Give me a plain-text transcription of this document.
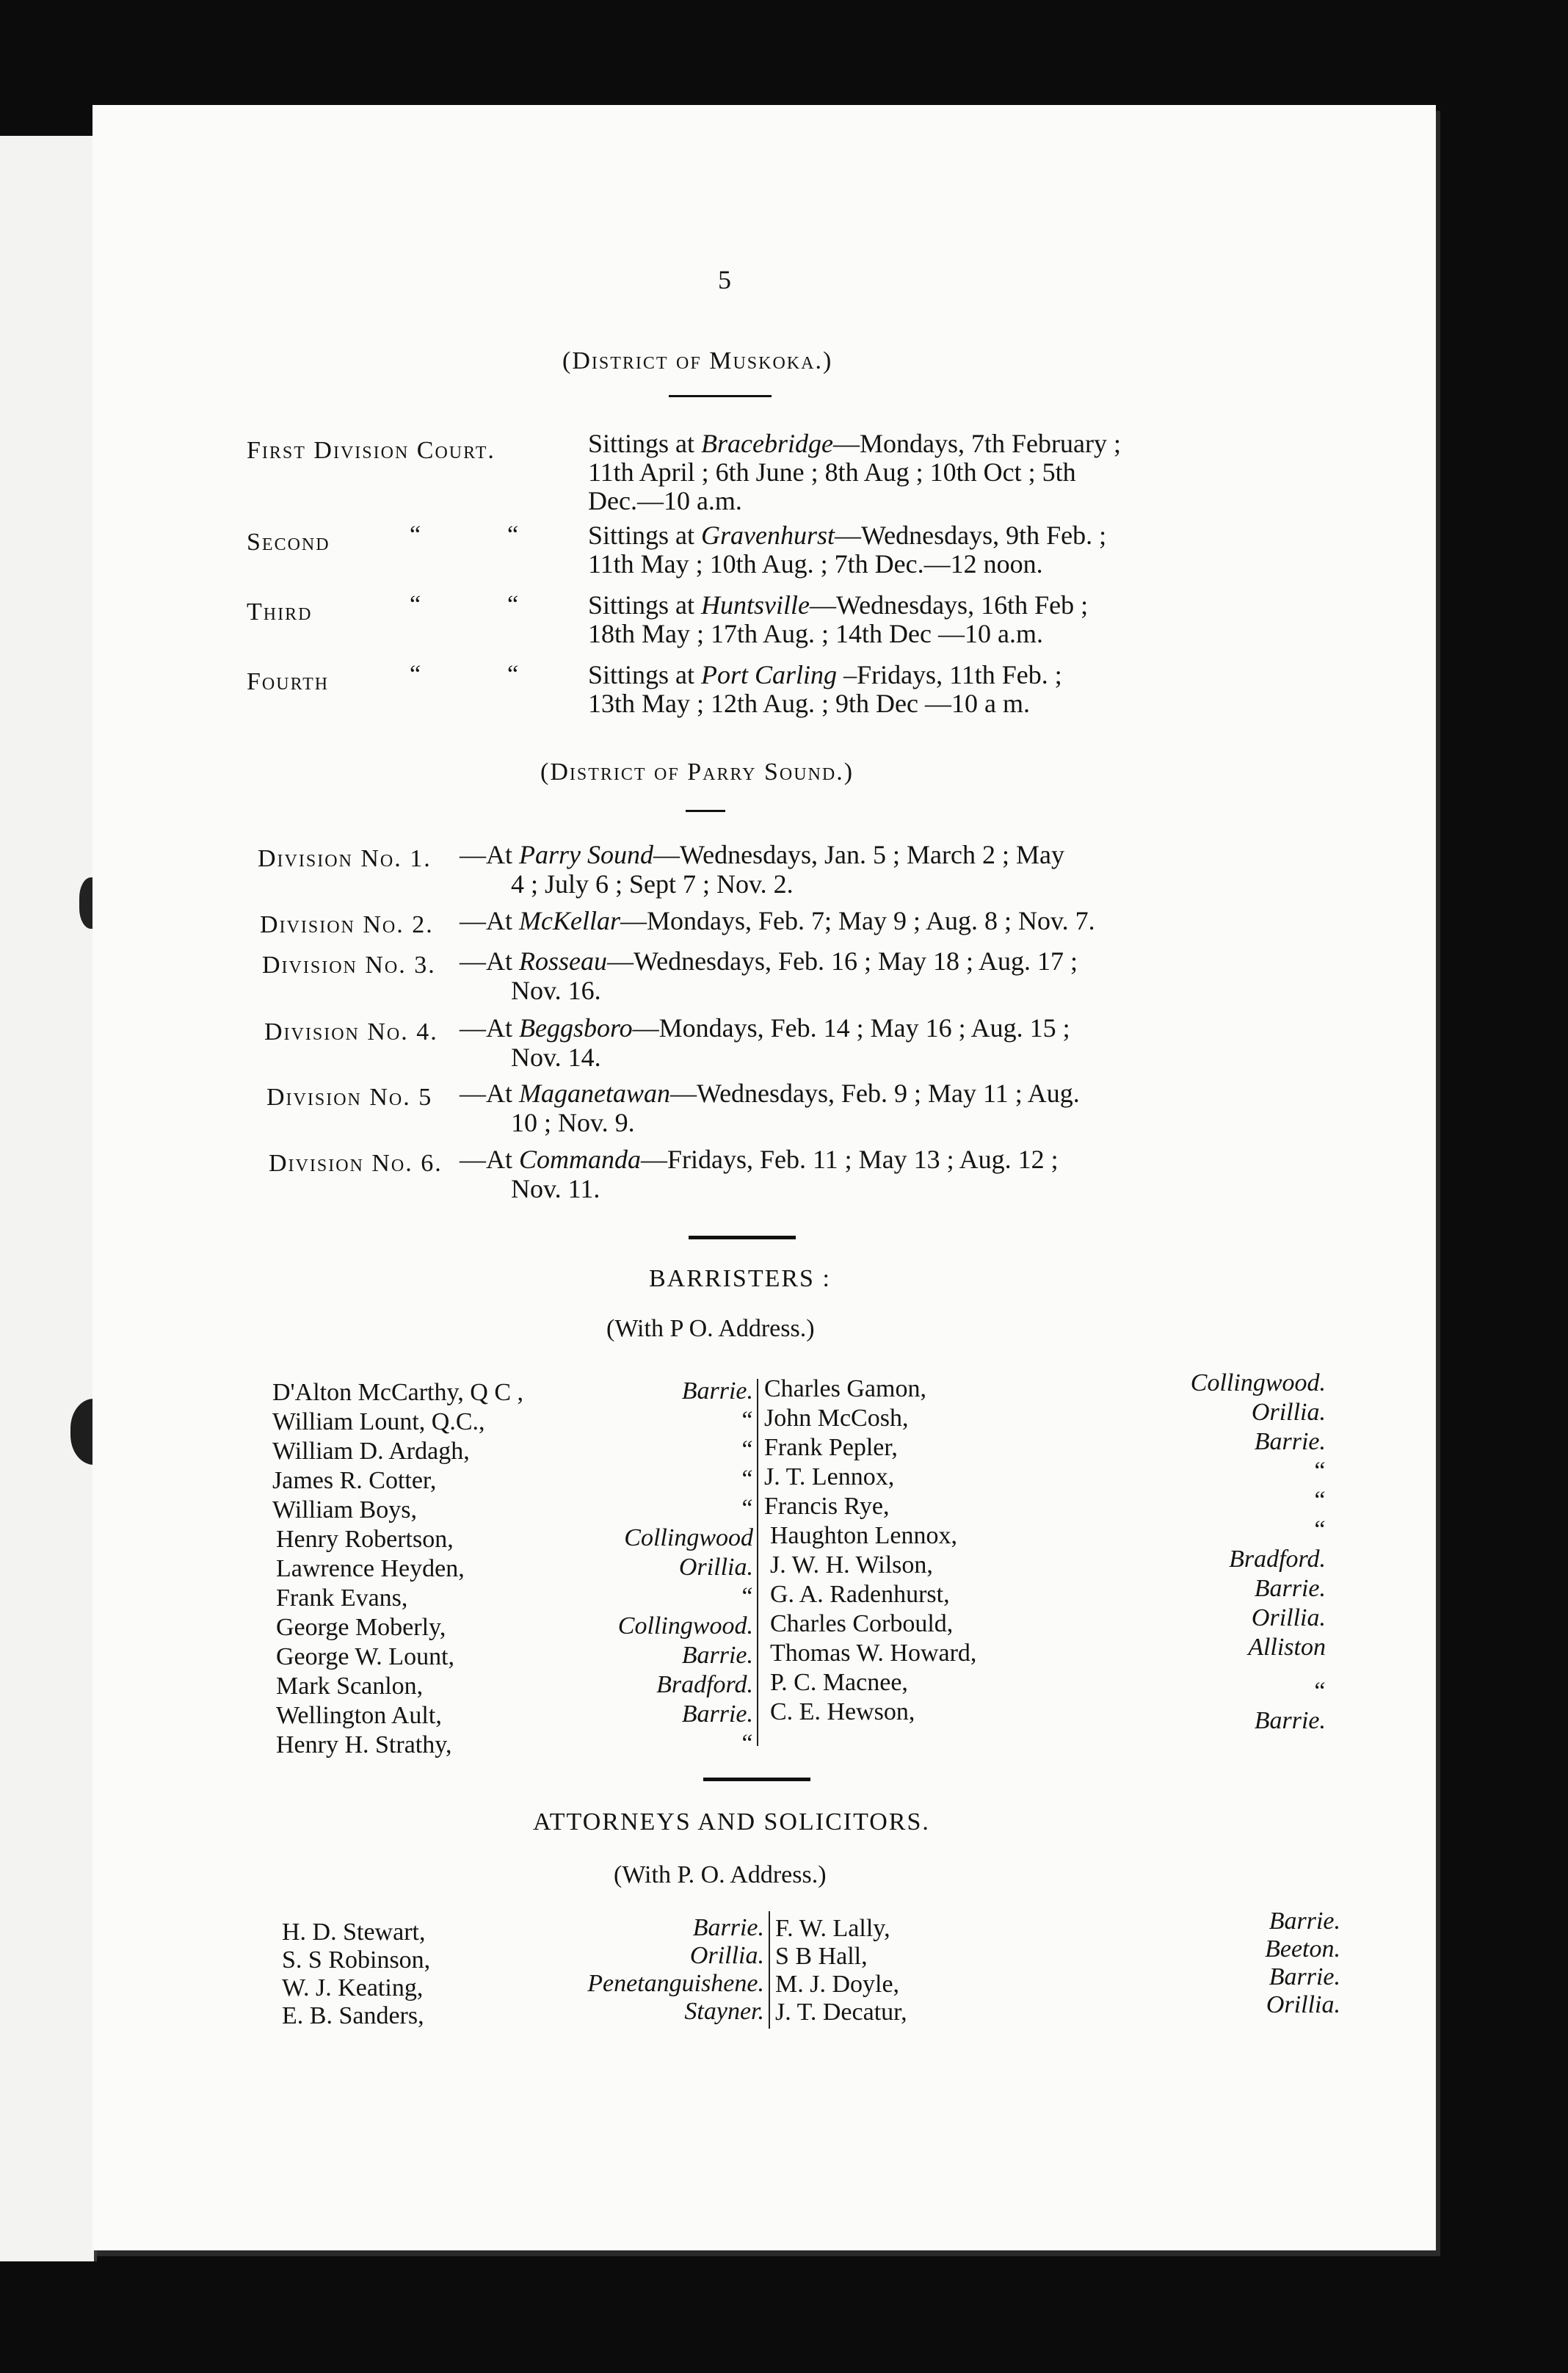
5
(District of Muskoka.)
First Division Court.	Sittings at Bracebridge—Mondays, 7th February ;
11th April ; 6th June ; 8th Aug ; 10th Oct ; 5th
Dec.—10 a.m.
Second	“	“	Sittings at Gravenhurst—Wednesdays, 9th Feb. ;
11th May ; 10th Aug. ; 7th Dec.—12 noon.
Third	“	“	Sittings at Huntsville—Wednesdays, 16th Feb ;
18th May ; 17th Aug. ; 14th Dec —10 a.m.
Fourth	“	“	Sittings at Port Carling –Fridays, 11th Feb. ;
13th May ; 12th Aug. ; 9th Dec —10 a m.
(District of Parry Sound.)
Division No. 1. —At Parry Sound—Wednesdays, Jan. 5 ; March 2 ; May
4 ; July 6 ; Sept 7 ; Nov. 2.
Division No. 2. —At McKellar—Mondays, Feb. 7; May 9 ; Aug. 8 ; Nov. 7.
Division No. 3. —At Rosseau—Wednesdays, Feb. 16 ; May 18 ; Aug. 17 ;
Nov. 16.
Division No. 4. —At Beggsboro—Mondays, Feb. 14 ; May 16 ; Aug. 15 ;
Nov. 14.
Division No. 5 —At Maganetawan—Wednesdays, Feb. 9 ; May 11 ; Aug.
10 ; Nov. 9.
Division No. 6. —At Commanda—Fridays, Feb. 11 ; May 13 ; Aug. 12 ;
Nov. 11.
BARRISTERS :
(With P O. Address.)
D'Alton McCarthy, Q C ,	Barrie.
William Lount, Q.C.,	“
William D. Ardagh,	“
James R. Cotter,	“
William Boys,	“
Henry Robertson,	Collingwood
Lawrence Heyden,	Orillia.
Frank Evans,	“
George Moberly,	Collingwood.
George W. Lount,	Barrie.
Mark Scanlon,	Bradford.
Wellington Ault,	Barrie.
Henry H. Strathy,	“
Charles Gamon,	Collingwood.
John McCosh,	Orillia.
Frank Pepler,	Barrie.
J. T. Lennox,	“
Francis Rye,	“
Haughton Lennox,	“
J. W. H. Wilson,	Bradford.
G. A. Radenhurst,	Barrie.
Charles Corbould,	Orillia.
Thomas W. Howard,	Alliston
P. C. Macnee,	“
C. E. Hewson,	Barrie.
ATTORNEYS AND SOLICITORS.
(With P. O. Address.)
H. D. Stewart,	Barrie.
S. S Robinson,	Orillia.
W. J. Keating,	Penetanguishene.
E. B. Sanders,	Stayner.
F. W. Lally,	Barrie.
S B Hall,	Beeton.
M. J. Doyle,	Barrie.
J. T. Decatur,	Orillia.
